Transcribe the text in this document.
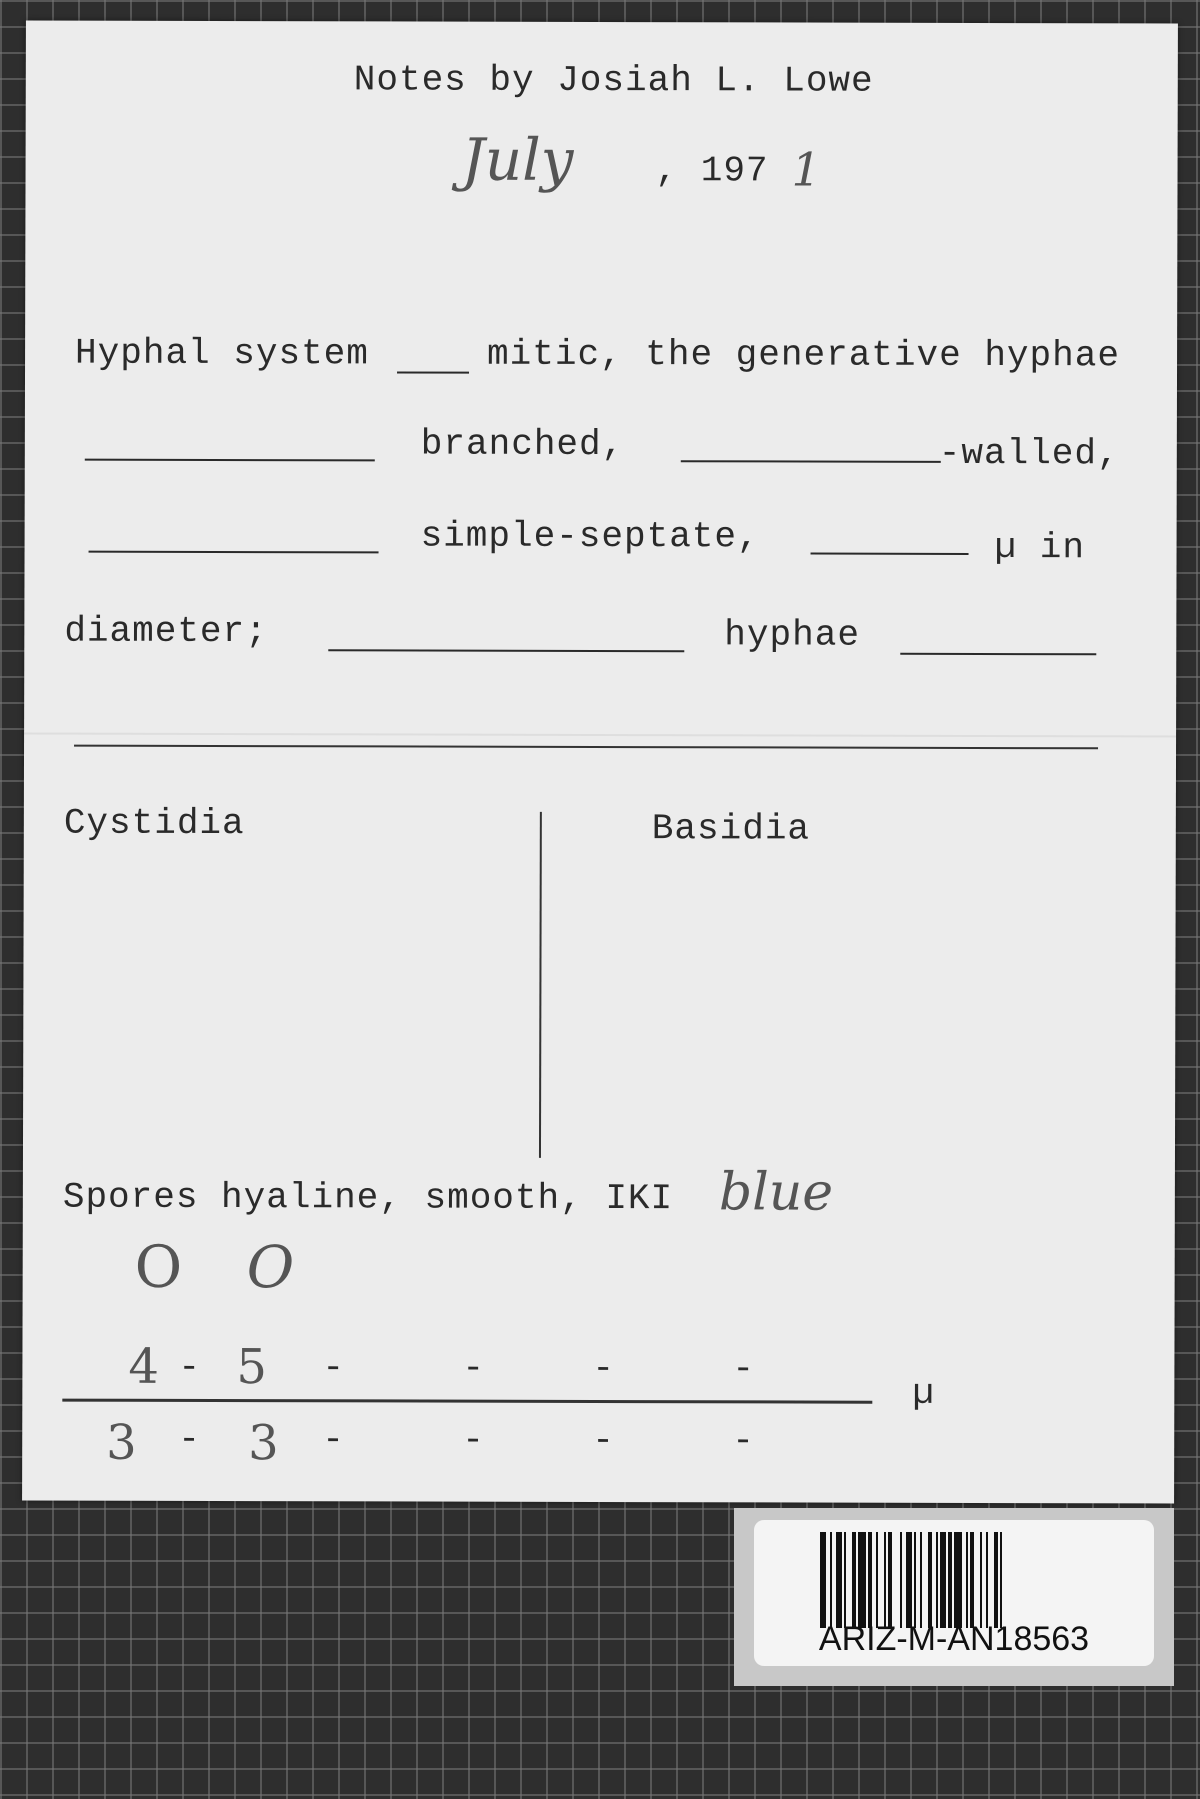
Notes by Josiah L. Lowe
July , 197 1
Hyphal system	mitic, the generative hyphae
branched,	-walled,
simple-septate,	µ in
diameter;	hyphae
Cystidia	Basidia
Spores hyaline, smooth, IKI blue
O O
4 - 5 -	-	-	-
µ
3 - 3 -	-	-	-
ARIZ-M-AN18563
